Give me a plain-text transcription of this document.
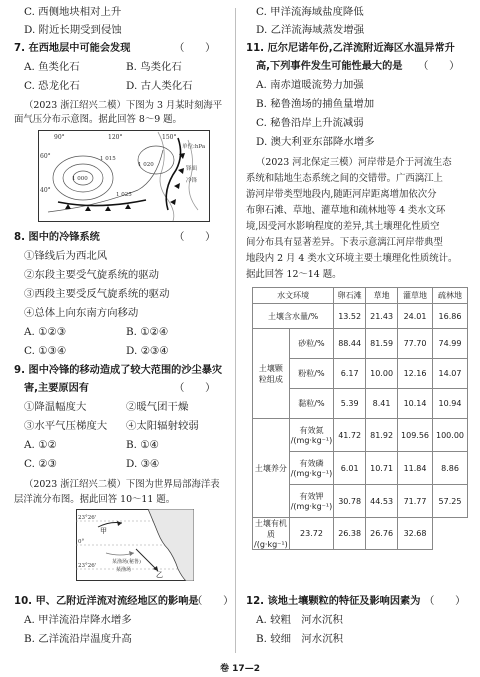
C. 西侧地块相对上升
D. 附近长期受到侵蚀
7. 在西地层中可能会发现	（　　）
A. 鱼类化石	B. 鸟类化石
C. 恐龙化石	D. 古人类化石
（2023 浙江绍兴二模）下图为 3 月某时刻海平
面气压分布示意图。据此回答 8～9 题。
90°	120°	150°
60°
40°
1 000
1 015
1 020
1 025
单位:hPa
锋面
冷锋
8. 图中的冷锋系统	（　　）
①锋线后为西北风
②东段主要受气旋系统的驱动
③西段主要受反气旋系统的驱动
④总体上向东南方向移动
A. ①②③	B. ①②④
C. ①③④	D. ②③④
9. 图中冷锋的移动造成了较大范围的沙尘暴灾
害,主要原因有	（　　）
①降温幅度大	②暖气团干燥
③水平气压梯度大 ④太阳辐射较弱
A. ①②	B. ①④
C. ②③	D. ③④
（2023 浙江绍兴二模）下图为世界局部海洋表
层洋流分布图。据此回答 10～11 题。
甲
乙
23°26'
0°
23°26'
某渔场(秘鲁)
某渔场
10. 甲、乙附近洋流对流经地区的影响是
（　　）
A. 甲洋流沿岸降水增多
B. 乙洋流沿岸温度升高
C. 甲洋流海域盐度降低
D. 乙洋流海域蒸发增强
11. 厄尔尼诺年份,乙洋流附近海区水温异常升
高,下列事件发生可能性最大的是 （　　）
A. 南赤道暖流势力加强
B. 秘鲁渔场的捕鱼量增加
C. 秘鲁沿岸上升流减弱
D. 澳大利亚东部降水增多
（2023 河北保定三模）河岸带是介于河流生态
系统和陆地生态系统之间的交错带。广西漓江上
游河岸带类型地段内,随距河岸距离增加依次分
布卵石滩、草地、灌草地和疏林地等 4 类水文环
境,因受河水影响程度的差异,其土壤理化性质空
间分布具有显著差异。下表示意漓江河岸带典型
地段内 2 月 4 类水文环境主要土壤理化性质统计。
据此回答 12～14 题。
水文环境		卵石滩	草地	灌草地	疏林地
土壤含水量/%		13.52	21.43	24.01	16.86

土壤颗
粒组成	砂粒/%	88.44	81.59	77.70	74.99
	粉粒/%	6.17	10.00	12.16	14.07
	黏粒/%	5.39	8.41	10.14	10.94
土壤养分	有效氮
/(mg·kg⁻¹)	41.72	81.92	109.56	100.00

	有效磷
/(mg·kg⁻¹)	6.01	10.71	11.84	8.86

	有效钾
/(mg·kg⁻¹)	30.78	44.53	71.77	57.25

土壤有机质
/(g·kg⁻¹)	23.72	26.38	26.76	32.68
12. 该地土壤颗粒的特征及影响因素为 （　　）
A. 较粗　河水沉积
B. 较细　河水沉积
卷 17—2
